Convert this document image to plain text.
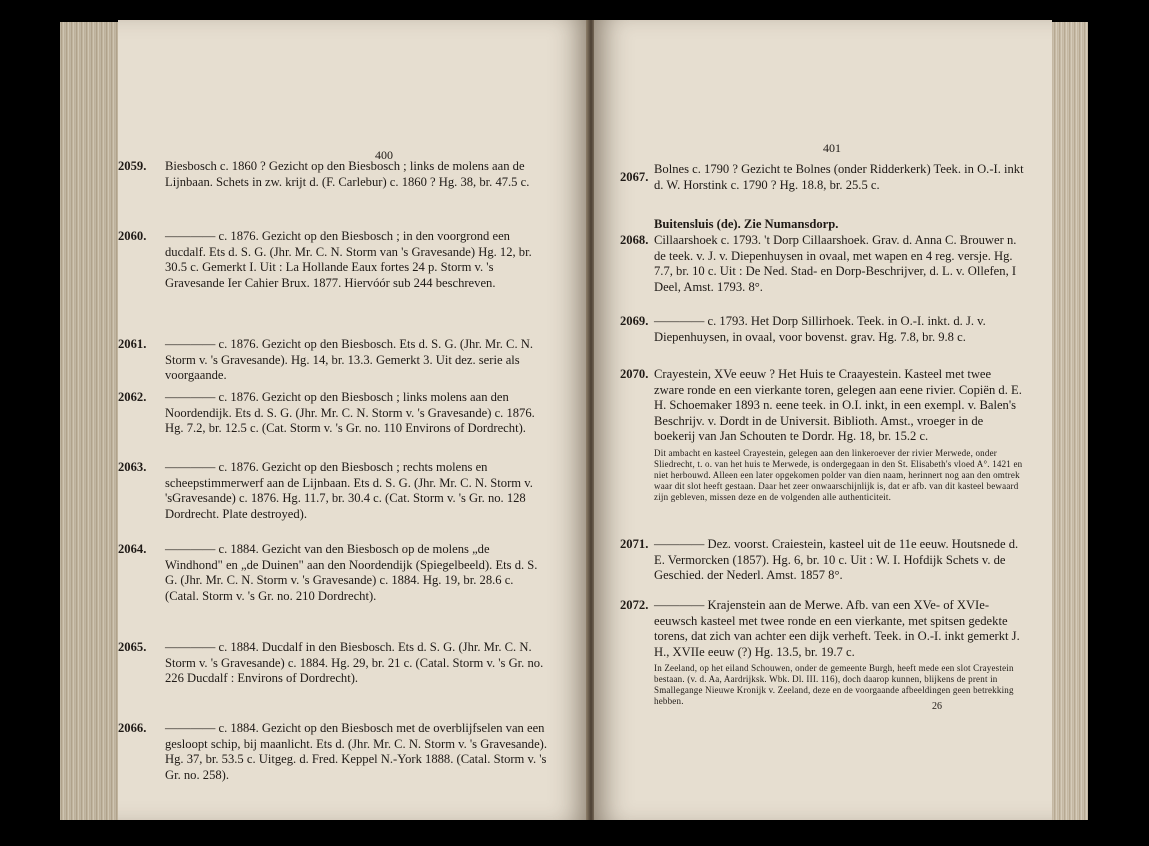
400
2059. Biesbosch c. 1860 ? Gezicht op den Biesbosch ; links de molens aan de Lijnbaan. Schets in zw. krijt d. (F. Carlebur) c. 1860 ? Hg. 38, br. 47.5 c.
2060. ———— c. 1876. Gezicht op den Biesbosch ; in den voorgrond een ducdalf. Ets d. S. G. (Jhr. Mr. C. N. Storm van 's Gravesande) Hg. 12, br. 30.5 c. Gemerkt I. Uit : La Hollande Eaux fortes 24 p. Storm v. 's Gravesande Ier Cahier Brux. 1877. Hiervóór sub 244 beschreven.
2061. ———— c. 1876. Gezicht op den Biesbosch. Ets d. S. G. (Jhr. Mr. C. N. Storm v. 's Gravesande). Hg. 14, br. 13.3. Gemerkt 3. Uit dez. serie als voorgaande.
2062. ———— c. 1876. Gezicht op den Biesbosch ; links molens aan den Noordendijk. Ets d. S. G. (Jhr. Mr. C. N. Storm v. 's Gravesande) c. 1876. Hg. 7.2, br. 12.5 c. (Cat. Storm v. 's Gr. no. 110 Environs of Dordrecht).
2063. ———— c. 1876. Gezicht op den Biesbosch ; rechts molens en scheepstimmerwerf aan de Lijnbaan. Ets d. S. G. (Jhr. Mr. C. N. Storm v. 'sGravesande) c. 1876. Hg. 11.7, br. 30.4 c. (Cat. Storm v. 's Gr. no. 128 Dordrecht. Plate destroyed).
2064. ———— c. 1884. Gezicht van den Biesbosch op de molens „de Windhond" en „de Duinen" aan den Noordendijk (Spiegelbeeld). Ets d. S. G. (Jhr. Mr. C. N. Storm v. 's Gravesande) c. 1884. Hg. 19, br. 28.6 c. (Catal. Storm v. 's Gr. no. 210 Dordrecht).
2065. ———— c. 1884. Ducdalf in den Biesbosch. Ets d. S. G. (Jhr. Mr. C. N. Storm v. 's Gravesande) c. 1884. Hg. 29, br. 21 c. (Catal. Storm v. 's Gr. no. 226 Ducdalf : Environs of Dordrecht).
2066. ———— c. 1884. Gezicht op den Biesbosch met de overblijfselen van een gesloopt schip, bij maanlicht. Ets d. (Jhr. Mr. C. N. Storm v. 's Gravesande). Hg. 37, br. 53.5 c. Uitgeg. d. Fred. Keppel N.-York 1888. (Catal. Storm v. 's Gr. no. 258).
401
2067.
Bolnes c. 1790 ? Gezicht te Bolnes (onder Ridderkerk) Teek. in O.-I. inkt d. W. Horstink c. 1790 ? Hg. 18.8, br. 25.5 c.
Buitensluis (de). Zie Numansdorp.
2068. Cillaarshoek c. 1793. 't Dorp Cillaarshoek. Grav. d. Anna C. Brouwer n. de teek. v. J. v. Diepenhuysen in ovaal, met wapen en 4 reg. versje. Hg. 7.7, br. 10 c. Uit : De Ned. Stad- en Dorp-Beschrijver, d. L. v. Ollefen, I Deel, Amst. 1793. 8°.
2069. ———— c. 1793. Het Dorp Sillirhoek. Teek. in O.-I. inkt. d. J. v. Diepenhuysen, in ovaal, voor bovenst. grav. Hg. 7.8, br. 9.8 c.
2070. Crayestein, XVe eeuw ? Het Huis te Craayestein. Kasteel met twee zware ronde en een vierkante toren, gelegen aan eene rivier. Copiën d. E. H. Schoemaker 1893 n. eene teek. in O.I. inkt, in een exempl. v. Balen's Beschrijv. v. Dordt in de Universit. Biblioth. Amst., vroeger in de boekerij van Jan Schouten te Dordr. Hg. 18, br. 15.2 c.
Dit ambacht en kasteel Crayestein, gelegen aan den linkeroever der rivier Merwede, onder Sliedrecht, t. o. van het huis te Merwede, is ondergegaan in den St. Elisabeth's vloed A°. 1421 en niet herbouwd. Alleen een later opgekomen polder van dien naam, herinnert nog aan den omtrek waar dit slot heeft gestaan. Daar het zeer onwaarschijnlijk is, dat er afb. van dit kasteel bewaard zijn gebleven, missen deze en de volgenden alle authenticiteit.
2071. ———— Dez. voorst. Craiestein, kasteel uit de 11e eeuw. Houtsnede d. E. Vermorcken (1857). Hg. 6, br. 10 c. Uit : W. I. Hofdijk Schets v. de Geschied. der Nederl. Amst. 1857 8°.
2072. ———— Krajenstein aan de Merwe. Afb. van een XVe- of XVIe-eeuwsch kasteel met twee ronde en een vierkante, met spitsen gedekte torens, dat zich van achter een dijk verheft. Teek. in O.-I. inkt gemerkt J. H., XVIIe eeuw (?) Hg. 13.5, br. 19.7 c.
In Zeeland, op het eiland Schouwen, onder de gemeente Burgh, heeft mede een slot Crayestein bestaan. (v. d. Aa, Aardrijksk. Wbk. Dl. III. 116), doch daarop kunnen, blijkens de prent in Smallegange Nieuwe Kronijk v. Zeeland, deze en de voorgaande afbeeldingen geen betrekking hebben.	26
